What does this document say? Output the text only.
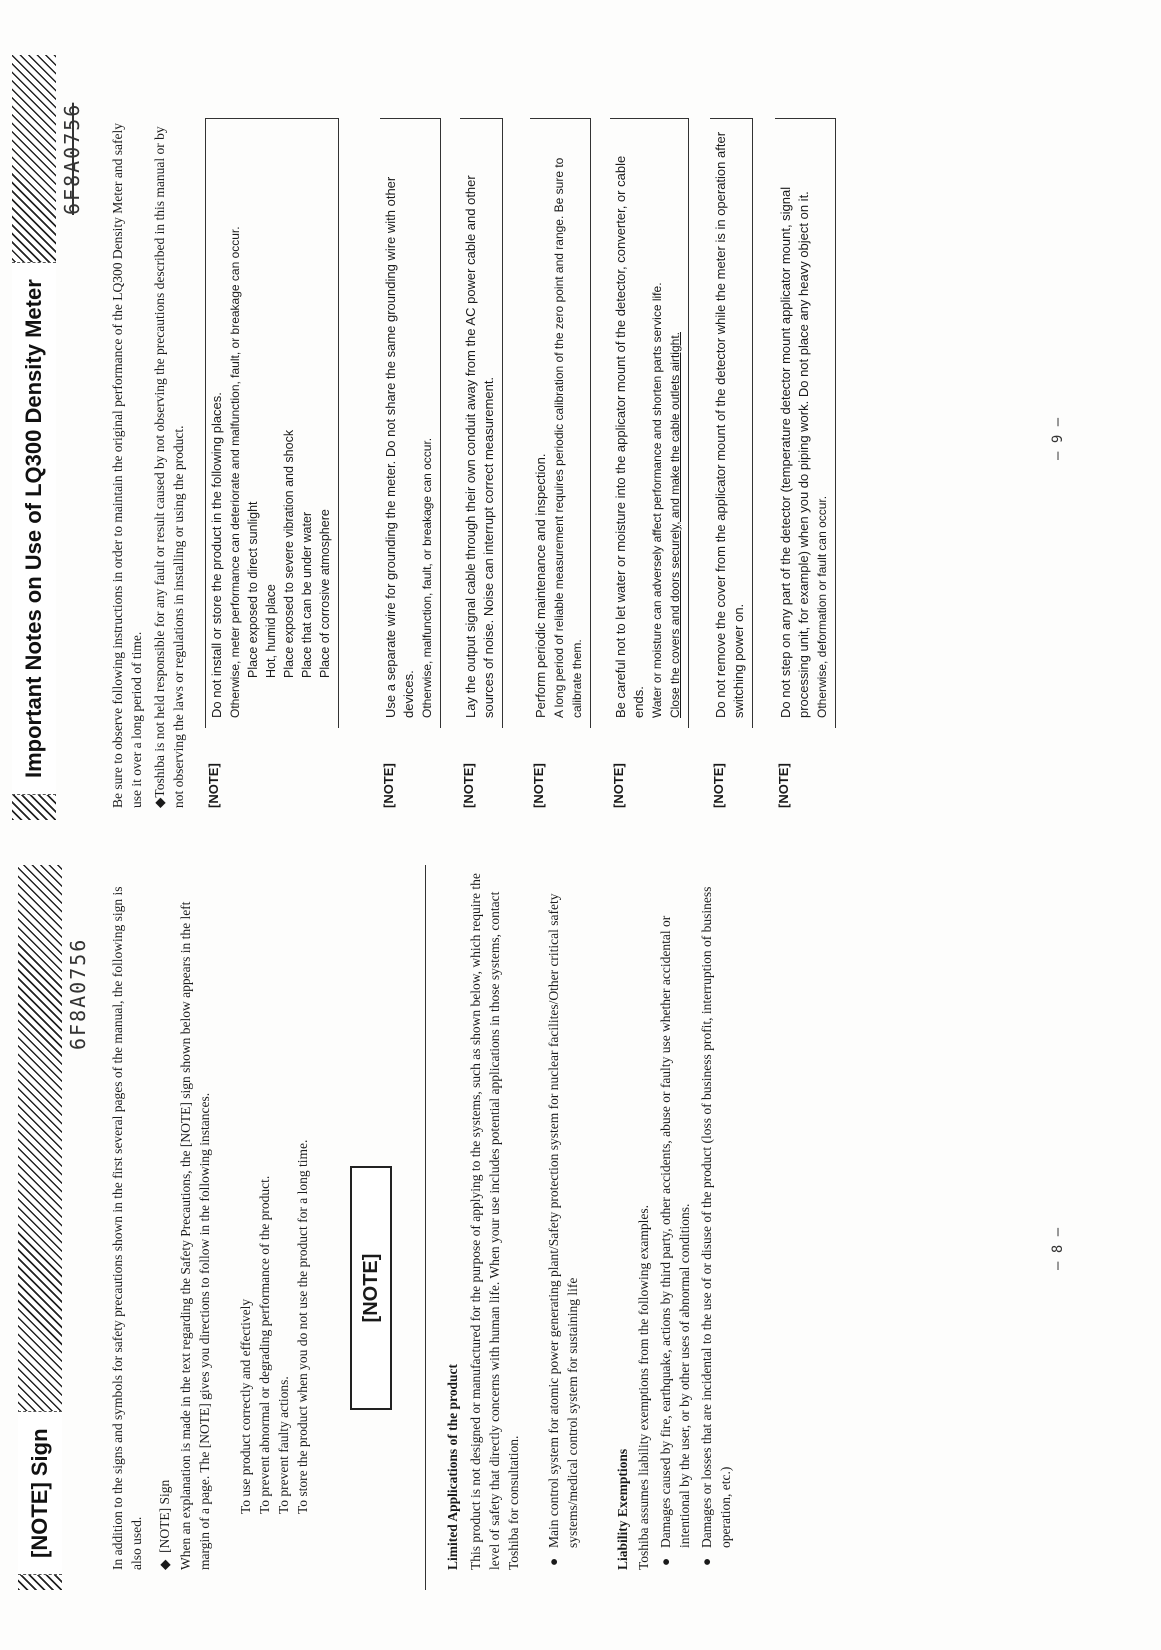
[NOTE] Sign
6F8A0756 In addition to the signs and symbols for safety precautions shown in the first several pages of the manual, the following sign is also used. ◆  [NOTE] Sign When an explanation is made in the text regarding the Safety Precautions, the [NOTE] sign shown below appears in the left margin of a page. The [NOTE] gives you directions to follow in the following instances. To use product correctly and effectively To prevent abnormal or degrading performance of the product. To prevent faulty actions. To store the product when you do not use the product for a long time.	[NOTE]
Limited Applications of the product This product is not designed or manufactured for the purpose of applying to the systems, such as shown below, which require the level of safety that directly concerns with human life. When your use includes potential applications in those systems, contact Toshiba for consultation. ●
Main control system for atomic power generating plant/Safety protection system for nuclear facilites/Other critical safety systems/medical control system for sustaining life	Liability Exemptions Toshiba assumes liability exemptions from the following examples. ●
Damages caused by fire, earthquake, actions by third party, other accidents, abuse or faulty use whether accidental or intentional by the user, or by other uses of abnormal conditions.
●
Damages or losses that are incidental to the use of or disuse of the product (loss of business profit, interruption of business operation, etc.)
– 8 –
Important Notes on Use of LQ300 Density Meter
6F8A0756 Be sure to observe following instructions in order to maintain the original performance of the LQ300 Density Meter and safely use it over a long period of time. ◆Toshiba is not held responsible for any fault or result caused by not observing the precautions described in this manual or by not observing the laws or regulations in installing or using the product. [NOTE]
Do not install or store the product in the following places. Otherwise, meter performance can deteriorate and malfunction, fault, or breakage can occur. Place exposed to direct sunlight Hot, humid place Place exposed to severe vibration and shock Place that can be under water Place of corrosive atmosphere
[NOTE]
Use a separate wire for grounding the meter. Do not share the same grounding wire with other devices. Otherwise, malfunction, fault, or breakage can occur.
[NOTE]
Lay the output signal cable through their own conduit away from the AC power cable and other sources of noise. Noise can interrupt correct measurement.
[NOTE]
Perform periodic maintenance and inspection. A long period of reliable measurement requires periodic calibration of the zero point and range. Be sure to calibrate them.
[NOTE]
Be careful not to let water or moisture into the applicator mount of the detector, converter, or cable ends. Water or moisture can adversely affect performance and shorten parts service life. Close the covers and doors securely, and make the cable outlets airtight.
[NOTE]
Do not remove the cover from the applicator mount of the detector while the meter is in operation after switching power on.
[NOTE]
Do not step on any part of the detector (temperature detector mount applicator mount, signal processing unit, for example) when you do piping work. Do not place any heavy object on it. Otherwise, deformation or fault can occur.
– 9 –
